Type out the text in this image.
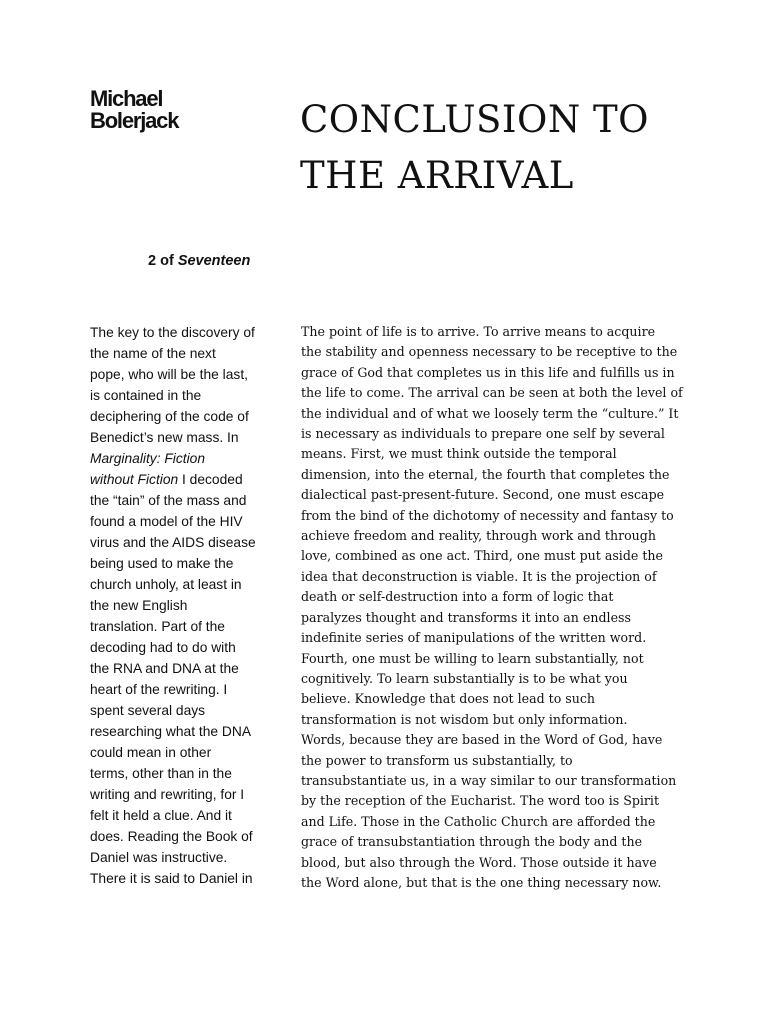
Michael
Bolerjack	CONCLUSION TO
THE ARRIVAL
2 of Seventeen
The key to the discovery of
the name of the next
pope, who will be the last,
is contained in the
deciphering of the code of
Benedict’s new mass. In
Marginality: Fiction
without Fiction I decoded
the “tain” of the mass and
found a model of the HIV
virus and the AIDS disease
being used to make the
church unholy, at least in
the new English
translation. Part of the
decoding had to do with
the RNA and DNA at the
heart of the rewriting. I
spent several days
researching what the DNA
could mean in other
terms, other than in the
writing and rewriting, for I
felt it held a clue. And it
does. Reading the Book of
Daniel was instructive.
There it is said to Daniel in
The point of life is to arrive. To arrive means to acquire
the stability and openness necessary to be receptive to the
grace of God that completes us in this life and fulfills us in
the life to come. The arrival can be seen at both the level of
the individual and of what we loosely term the “culture.” It
is necessary as individuals to prepare one self by several
means. First, we must think outside the temporal
dimension, into the eternal, the fourth that completes the
dialectical past-present-future. Second, one must escape
from the bind of the dichotomy of necessity and fantasy to
achieve freedom and reality, through work and through
love, combined as one act. Third, one must put aside the
idea that deconstruction is viable. It is the projection of
death or self-destruction into a form of logic that
paralyzes thought and transforms it into an endless
indefinite series of manipulations of the written word.
Fourth, one must be willing to learn substantially, not
cognitively. To learn substantially is to be what you
believe. Knowledge that does not lead to such
transformation is not wisdom but only information.
Words, because they are based in the Word of God, have
the power to transform us substantially, to
transubstantiate us, in a way similar to our transformation
by the reception of the Eucharist. The word too is Spirit
and Life. Those in the Catholic Church are afforded the
grace of transubstantiation through the body and the
blood, but also through the Word. Those outside it have
the Word alone, but that is the one thing necessary now.
